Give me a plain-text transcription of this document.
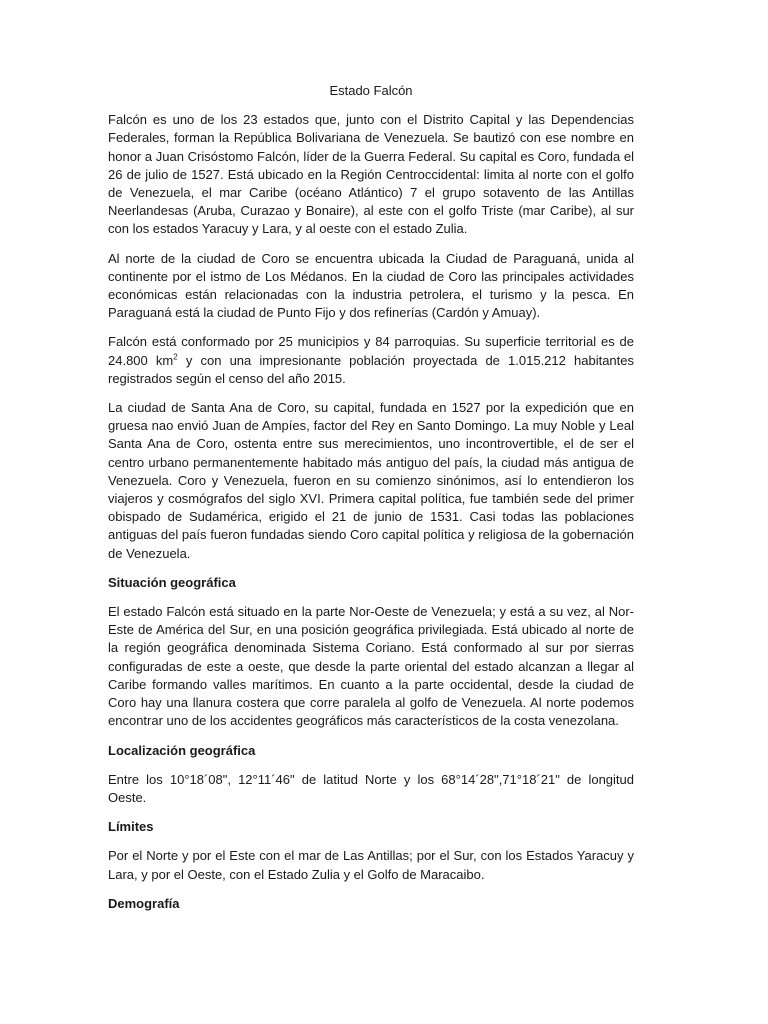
Estado Falcón

Falcón es uno de los 23 estados que, junto con el Distrito Capital y las Dependencias Federales, forman la República Bolivariana de Venezuela. Se bautizó con ese nombre en honor a Juan Crisóstomo Falcón, líder de la Guerra Federal. Su capital es Coro, fundada el 26 de julio de 1527. Está ubicado en la Región Centroccidental: limita al norte con el golfo de Venezuela, el mar Caribe (océano Atlántico) 7 el grupo sotavento de las Antillas Neerlandesas (Aruba, Curazao y Bonaire), al este con el golfo Triste (mar Caribe), al sur con los estados Yaracuy y Lara, y al oeste con el estado Zulia.

Al norte de la ciudad de Coro se encuentra ubicada la Ciudad de Paraguaná, unida al continente por el istmo de Los Médanos. En la ciudad de Coro las principales actividades económicas están relacionadas con la industria petrolera, el turismo y la pesca. En Paraguaná está la ciudad de Punto Fijo y dos refinerías (Cardón y Amuay).

Falcón está conformado por 25 municipios y 84 parroquias. Su superficie territorial es de 24.800 $km^2$ y con una impresionante población proyectada de 1.015.212 habitantes registrados según el censo del año 2015.

La ciudad de Santa Ana de Coro, su capital, fundada en 1527 por la expedición que en gruesa nao envió Juan de Ampíes, factor del Rey en Santo Domingo. La muy Noble y Leal Santa Ana de Coro, ostenta entre sus merecimientos, uno incontrovertible, el de ser el centro urbano permanentemente habitado más antiguo del país, la ciudad más antigua de Venezuela. Coro y Venezuela, fueron en su comienzo sinónimos, así lo entendieron los viajeros y cosmógrafos del siglo XVI. Primera capital política, fue también sede del primer obispado de Sudamérica, erigido el 21 de junio de 1531. Casi todas las poblaciones antiguas del país fueron fundadas siendo Coro capital política y religiosa de la gobernación de Venezuela.

Situación geográfica

El estado Falcón está situado en la parte Nor-Oeste de Venezuela; y está a su vez, al Nor-Este de América del Sur, en una posición geográfica privilegiada. Está ubicado al norte de la región geográfica denominada Sistema Coriano. Está conformado al sur por sierras configuradas de este a oeste, que desde la parte oriental del estado alcanzan a llegar al Caribe formando valles marítimos. En cuanto a la parte occidental, desde la ciudad de Coro hay una llanura costera que corre paralela al golfo de Venezuela. Al norte podemos encontrar uno de los accidentes geográficos más característicos de la costa venezolana.

Localización geográfica

Entre los 10°18´08", 12°11´46" de latitud Norte y los 68°14´28",71°18´21" de longitud Oeste.

Límites

Por el Norte y por el Este con el mar de Las Antillas; por el Sur, con los Estados Yaracuy y Lara, y por el Oeste, con el Estado Zulia y el Golfo de Maracaibo.

Demografía
